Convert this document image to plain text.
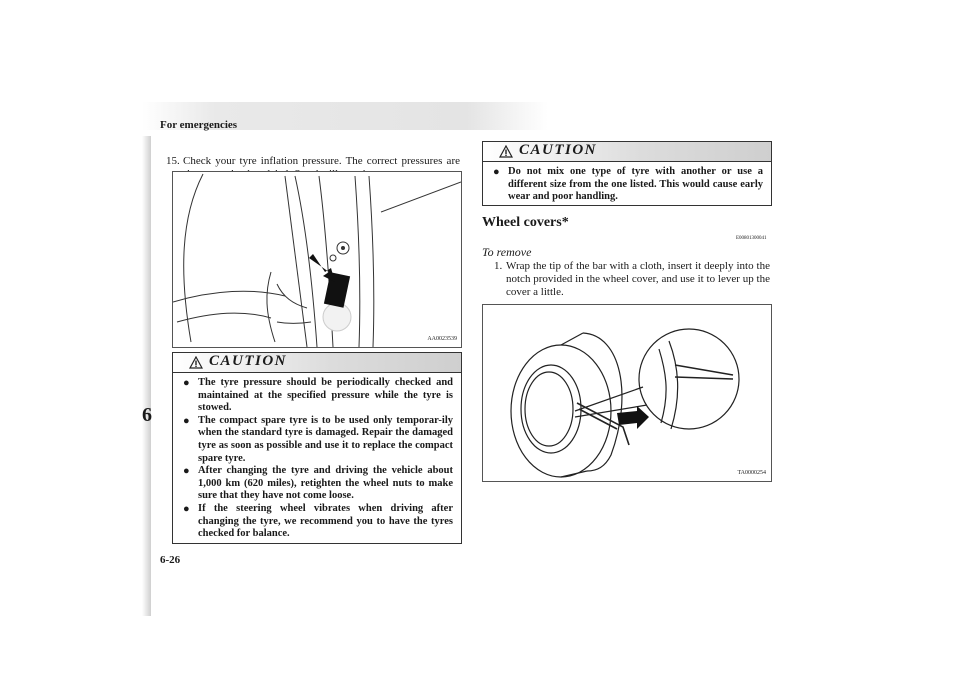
For emergencies
6
6-26
15. Check your tyre inflation pressure. The correct pressures are
AA0023539
CAUTION
● The tyre pressure should be periodically checked and maintained at the specified pressure while the tyre is stowed.
● The compact spare tyre is to be used only temporar-ily when the standard tyre is damaged. Repair the damaged tyre as soon as possible and use it to replace the compact spare tyre.
● After changing the tyre and driving the vehicle about 1,000 km (620 miles), retighten the wheel nuts to make sure that they have not come loose.
● If the steering wheel vibrates when driving after changing the tyre, we recommend you to have the tyres checked for balance.
CAUTION
● Do not mix one type of tyre with another or use a different size from the one listed. This would cause early wear and poor handling.
Wheel covers*
E00801300041
To remove
1. Wrap the tip of the bar with a cloth, insert it deeply into the notch provided in the wheel cover, and use it to lever up the cover a little.
TA0000254
